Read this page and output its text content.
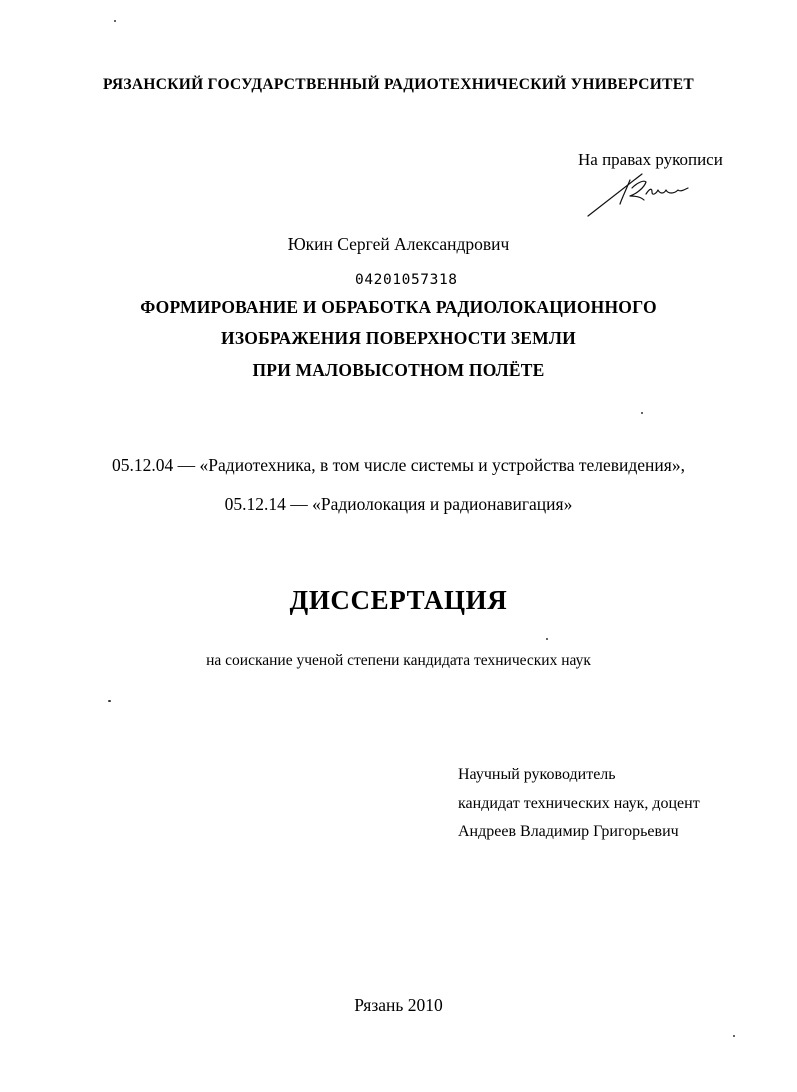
РЯЗАНСКИЙ ГОСУДАРСТВЕННЫЙ РАДИОТЕХНИЧЕСКИЙ УНИВЕРСИТЕТ
На правах рукописи
Юкин Сергей Александрович
04201057318
ФОРМИРОВАНИЕ И ОБРАБОТКА РАДИОЛОКАЦИОННОГО
ИЗОБРАЖЕНИЯ ПОВЕРХНОСТИ ЗЕМЛИ
ПРИ МАЛОВЫСОТНОМ ПОЛЁТЕ
05.12.04 — «Радиотехника, в том числе системы и устройства телевидения»,
05.12.14 — «Радиолокация и радионавигация»
ДИССЕРТАЦИЯ
на соискание ученой степени кандидата технических наук
Научный руководитель
кандидат технических наук, доцент
Андреев Владимир Григорьевич
Рязань 2010
